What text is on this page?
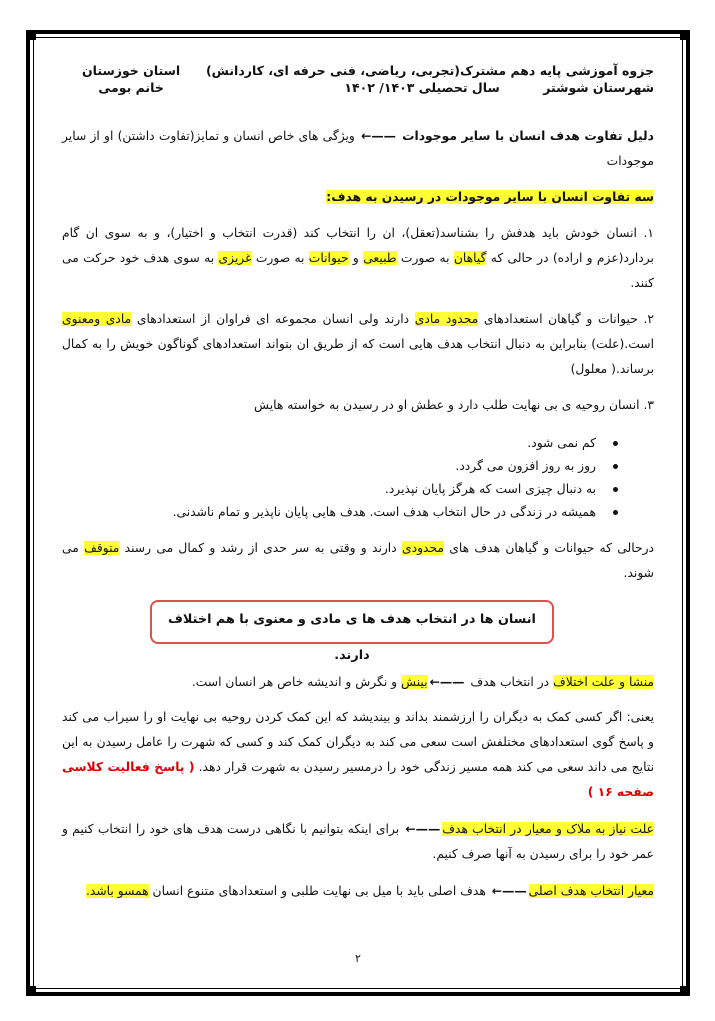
جزوه آموزشی پایه دهم مشترک(تجربی، ریاضی، فنی حرفه ای، کاردانش)
شهرستان شوشتر          سال تحصیلی ۱۴۰۳/ ۱۴۰۲
استان خوزستان
خانم بومی

دلیل تفاوت هدف انسان با سایر موجودات ←—— ویژگی های خاص انسان و تمایز(تفاوت داشتن) او از سایر موجودات

سه تفاوت انسان با سایر موجودات در رسیدن به هدف:

۱. انسان خودش باید هدفش را بشناسد(تعقل)، ان را انتخاب کند (قدرت انتخاب و اختیار)، و به سوی ان گام بردارد(عزم و اراده) در حالی که گیاهان به صورت طبیعی و حیوانات به صورت غریزی به سوی هدف خود حرکت می کنند.

۲. حیوانات و گیاهان استعدادهای محدود مادی دارند ولی انسان مجموعه ای فراوان از استعدادهای مادی ومعنوی است.(علت) بنابراین به دنبال انتخاب هدف هایی است که از طریق ان بتواند استعدادهای گوناگون خویش را به کمال برساند.( معلول)

۳. انسان روحیه ی بی نهایت طلب دارد و عطش او در رسیدن به خواسته هایش

کم نمی شود.
روز به روز افزون می گردد.
به دنبال چیزی است که هرگز پایان نپذیرد.
همیشه در زندگی در حال انتخاب هدف است. هدف هایی پایان ناپذیر و تمام ناشدنی.

درحالی که حیوانات و گیاهان هدف های محدودی دارند و وقتی به سر حدی از رشد و کمال می رسند متوقف می شوند.

انسان ها در انتخاب هدف ها ی مادی و معنوی با هم اختلاف دارند.

منشا و علت اختلاف در انتخاب هدف ←——بینش و نگرش و اندیشه خاص هر انسان است.

یعنی: اگر کسی کمک به دیگران را ارزشمند بداند و بیندیشد که این کمک کردن روحیه بی نهایت او را سیراب می کند و پاسخ گوی استعدادهای مختلفش است سعی می کند به دیگران کمک کند و کسی که شهرت را عامل رسیدن به این نتایج می داند سعی می کند همه مسیر زندگی خود را درمسیر رسیدن به شهرت قرار دهد. ( پاسخ فعالیت کلاسی صفحه ۱۶ )

علت نیاز به ملاک و معیار در انتخاب هدف←—— برای اینکه بتوانیم با نگاهی درست هدف های خود را انتخاب کنیم و عمر خود را برای رسیدن به آنها صرف کنیم.

معیار انتخاب هدف اصلی←—— هدف اصلی باید با میل بی نهایت طلبی و استعدادهای متنوع انسان همسو باشد.

۲
